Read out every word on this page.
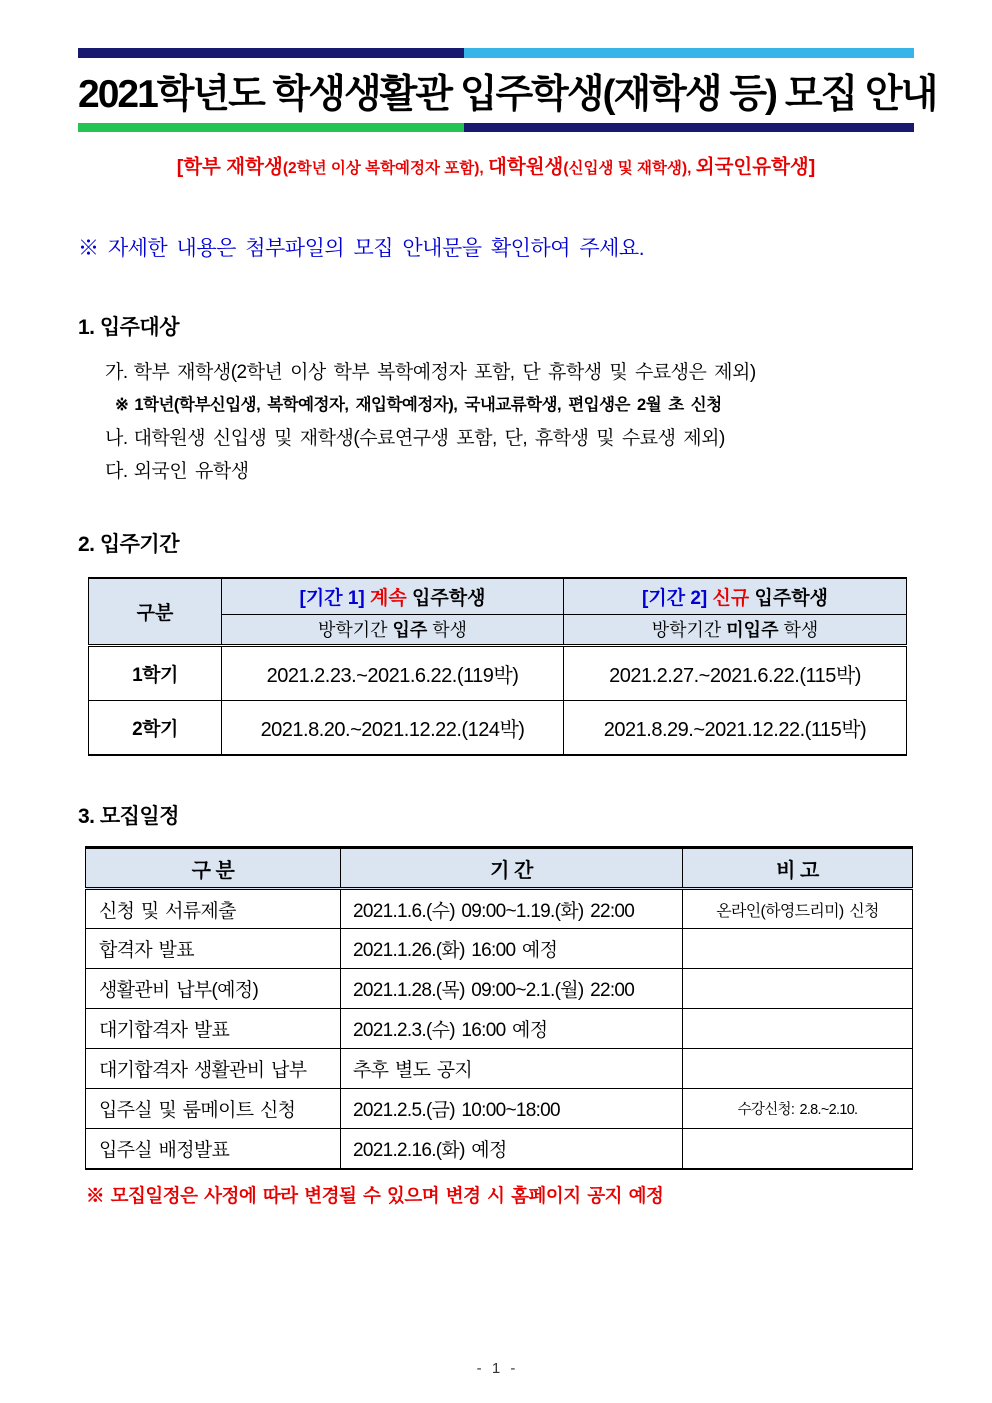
2021학년도 학생생활관 입주학생(재학생 등) 모집 안내
[학부 재학생(2학년 이상 복학예정자 포함), 대학원생(신입생 및 재학생), 외국인유학생]
※ 자세한 내용은 첨부파일의 모집 안내문을 확인하여 주세요.
1. 입주대상
가. 학부 재학생(2학년 이상 학부 복학예정자 포함, 단 휴학생 및 수료생은 제외)
※ 1학년(학부신입생, 복학예정자, 재입학예정자), 국내교류학생, 편입생은 2월 초 신청
나. 대학원생 신입생 및 재학생(수료연구생 포함, 단, 휴학생 및 수료생 제외)
다. 외국인 유학생
2. 입주기간
구분	[기간 1] 계속 입주학생	[기간 2] 신규 입주학생
	방학기간 입주 학생	방학기간 미입주 학생
1학기	2021.2.23.~2021.6.22.(119박)	2021.2.27.~2021.6.22.(115박)
2학기	2021.8.20.~2021.12.22.(124박)	2021.8.29.~2021.12.22.(115박)
3. 모집일정
구 분	기 간	비 고
신청 및 서류제출	2021.1.6.(수) 09:00~1.19.(화) 22:00	온라인(하영드리미) 신청
합격자 발표	2021.1.26.(화) 16:00 예정	
생활관비 납부(예정)	2021.1.28.(목) 09:00~2.1.(월) 22:00	
대기합격자 발표	2021.2.3.(수) 16:00 예정	
대기합격자 생활관비 납부	추후 별도 공지	
입주실 및 룸메이트 신청	2021.2.5.(금) 10:00~18:00	수강신청: 2.8.~2.10.
입주실 배정발표	2021.2.16.(화) 예정	
※ 모집일정은 사정에 따라 변경될 수 있으며 변경 시 홈페이지 공지 예정
- 1 -
